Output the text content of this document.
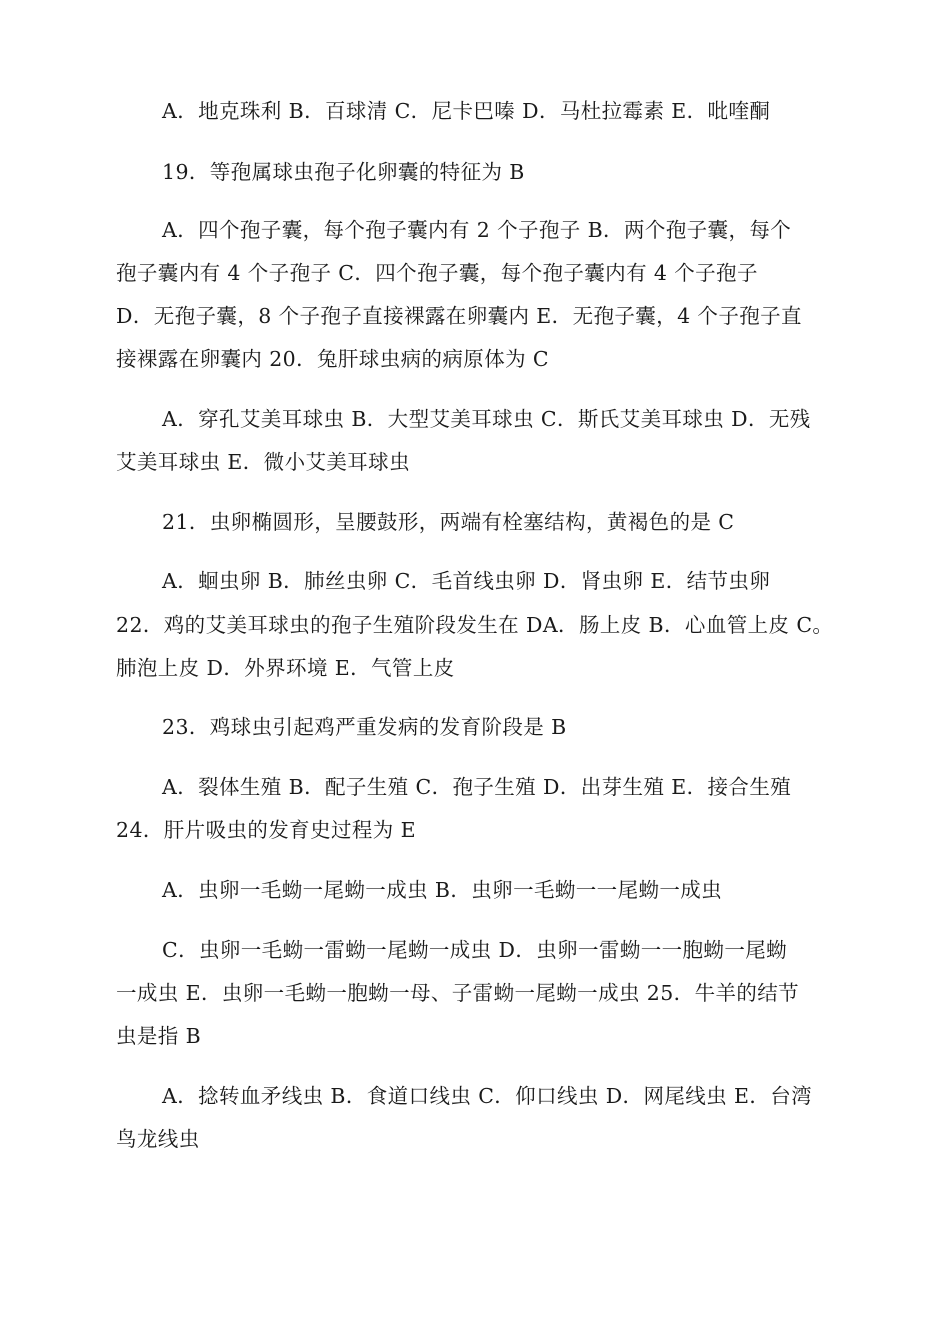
A．地克珠利 B．百球清 C．尼卡巴嗪 D．马杜拉霉素 E．吡喹酮
19．等孢属球虫孢子化卵囊的特征为 B
A．四个孢子囊，每个孢子囊内有 2 个子孢子 B．两个孢子囊，每个
孢子囊内有 4 个子孢子 C．四个孢子囊，每个孢子囊内有 4 个子孢子
D．无孢子囊，8 个子孢子直接裸露在卵囊内 E．无孢子囊，4 个子孢子直
接裸露在卵囊内 20．兔肝球虫病的病原体为 C
A．穿孔艾美耳球虫 B．大型艾美耳球虫 C．斯氏艾美耳球虫 D．无残
艾美耳球虫 E．微小艾美耳球虫
21．虫卵椭圆形，呈腰鼓形，两端有栓塞结构，黄褐色的是 C
A．蛔虫卵 B．肺丝虫卵 C．毛首线虫卵 D．肾虫卵 E．结节虫卵
22．鸡的艾美耳球虫的孢子生殖阶段发生在 DA．肠上皮 B．心血管上皮 C。
肺泡上皮 D．外界环境 E．气管上皮
23．鸡球虫引起鸡严重发病的发育阶段是 B
A．裂体生殖 B．配子生殖 C．孢子生殖 D．出芽生殖 E．接合生殖
24．肝片吸虫的发育史过程为 E
A．虫卵一毛蚴一尾蚴一成虫 B．虫卵一毛蚴一一尾蚴一成虫
C．虫卵一毛蚴一雷蚴一尾蚴一成虫 D．虫卵一雷蚴一一胞蚴一尾蚴
一成虫 E．虫卵一毛蚴一胞蚴一母、子雷蚴一尾蚴一成虫 25．牛羊的结节
虫是指 B
A．捻转血矛线虫 B．食道口线虫 C．仰口线虫 D．网尾线虫 E．台湾
鸟龙线虫
